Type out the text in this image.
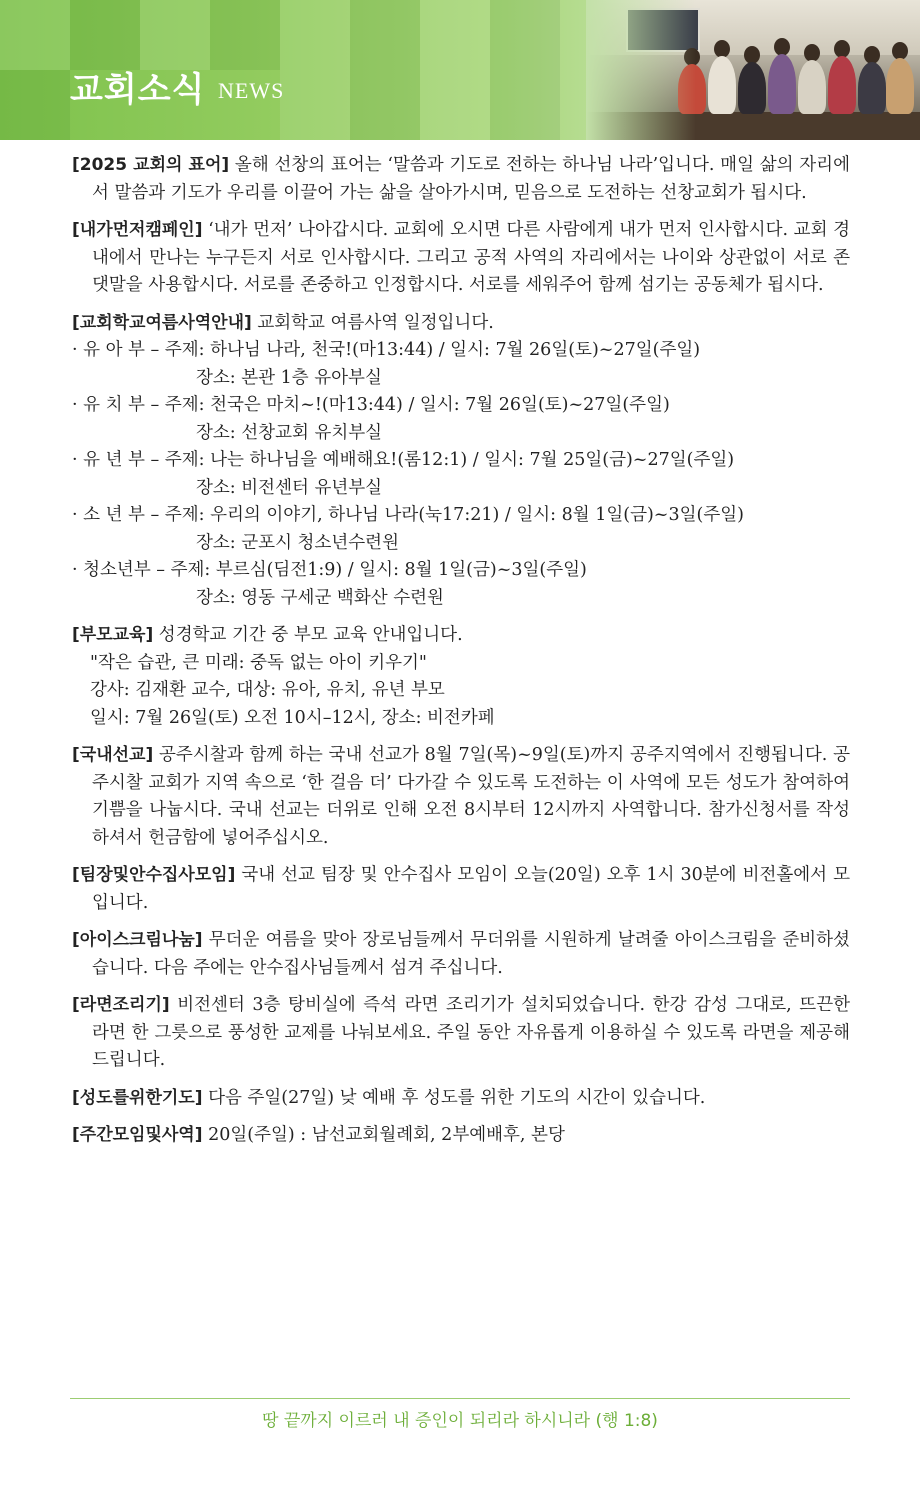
교회소식 NEWS

[2025 교회의 표어] 올해 선창의 표어는 ‘말씀과 기도로 전하는 하나님 나라’입니다. 매일 삶의 자리에서 말씀과 기도가 우리를 이끌어 가는 삶을 살아가시며, 믿음으로 도전하는 선창교회가 됩시다.

[내가먼저캠페인] ‘내가 먼저’ 나아갑시다. 교회에 오시면 다른 사람에게 내가 먼저 인사합시다. 교회 경내에서 만나는 누구든지 서로 인사합시다. 그리고 공적 사역의 자리에서는 나이와 상관없이 서로 존댓말을 사용합시다. 서로를 존중하고 인정합시다. 서로를 세워주어 함께 섬기는 공동체가 됩시다.

[교회학교여름사역안내] 교회학교 여름사역 일정입니다.

· 유 아 부 – 주제: 하나님 나라, 천국!(마13:44) / 일시: 7월 26일(토)~27일(주일)

장소: 본관 1층 유아부실

· 유 치 부 – 주제: 천국은 마치~!(마13:44) / 일시: 7월 26일(토)~27일(주일)

장소: 선창교회 유치부실

· 유 년 부 – 주제: 나는 하나님을 예배해요!(롬12:1) / 일시: 7월 25일(금)~27일(주일)

장소: 비전센터 유년부실

· 소 년 부 – 주제: 우리의 이야기, 하나님 나라(눅17:21) / 일시: 8월 1일(금)~3일(주일)

장소: 군포시 청소년수련원

· 청소년부 – 주제: 부르심(딤전1:9) / 일시: 8월 1일(금)~3일(주일)

장소: 영동 구세군 백화산 수련원

[부모교육] 성경학교 기간 중 부모 교육 안내입니다.

"작은 습관, 큰 미래: 중독 없는 아이 키우기"

강사: 김재환 교수, 대상: 유아, 유치, 유년 부모

일시: 7월 26일(토) 오전 10시–12시, 장소: 비전카페

[국내선교] 공주시찰과 함께 하는 국내 선교가 8월 7일(목)~9일(토)까지 공주지역에서 진행됩니다. 공주시찰 교회가 지역 속으로 ‘한 걸음 더’ 다가갈 수 있도록 도전하는 이 사역에 모든 성도가 참여하여 기쁨을 나눕시다. 국내 선교는 더위로 인해 오전 8시부터 12시까지 사역합니다. 참가신청서를 작성하셔서 헌금함에 넣어주십시오.

[팀장및안수집사모임] 국내 선교 팀장 및 안수집사 모임이 오늘(20일) 오후 1시 30분에 비전홀에서 모입니다.

[아이스크림나눔] 무더운 여름을 맞아 장로님들께서 무더위를 시원하게 날려줄 아이스크림을 준비하셨습니다. 다음 주에는 안수집사님들께서 섬겨 주십니다.

[라면조리기] 비전센터 3층 탕비실에 즉석 라면 조리기가 설치되었습니다. 한강 감성 그대로, 뜨끈한 라면 한 그릇으로 풍성한 교제를 나눠보세요. 주일 동안 자유롭게 이용하실 수 있도록 라면을 제공해 드립니다.

[성도를위한기도] 다음 주일(27일) 낮 예배 후 성도를 위한 기도의 시간이 있습니다.

[주간모임및사역] 20일(주일) : 남선교회월례회, 2부예배후, 본당

땅 끝까지 이르러 내 증인이 되리라 하시니라 (행 1:8)
